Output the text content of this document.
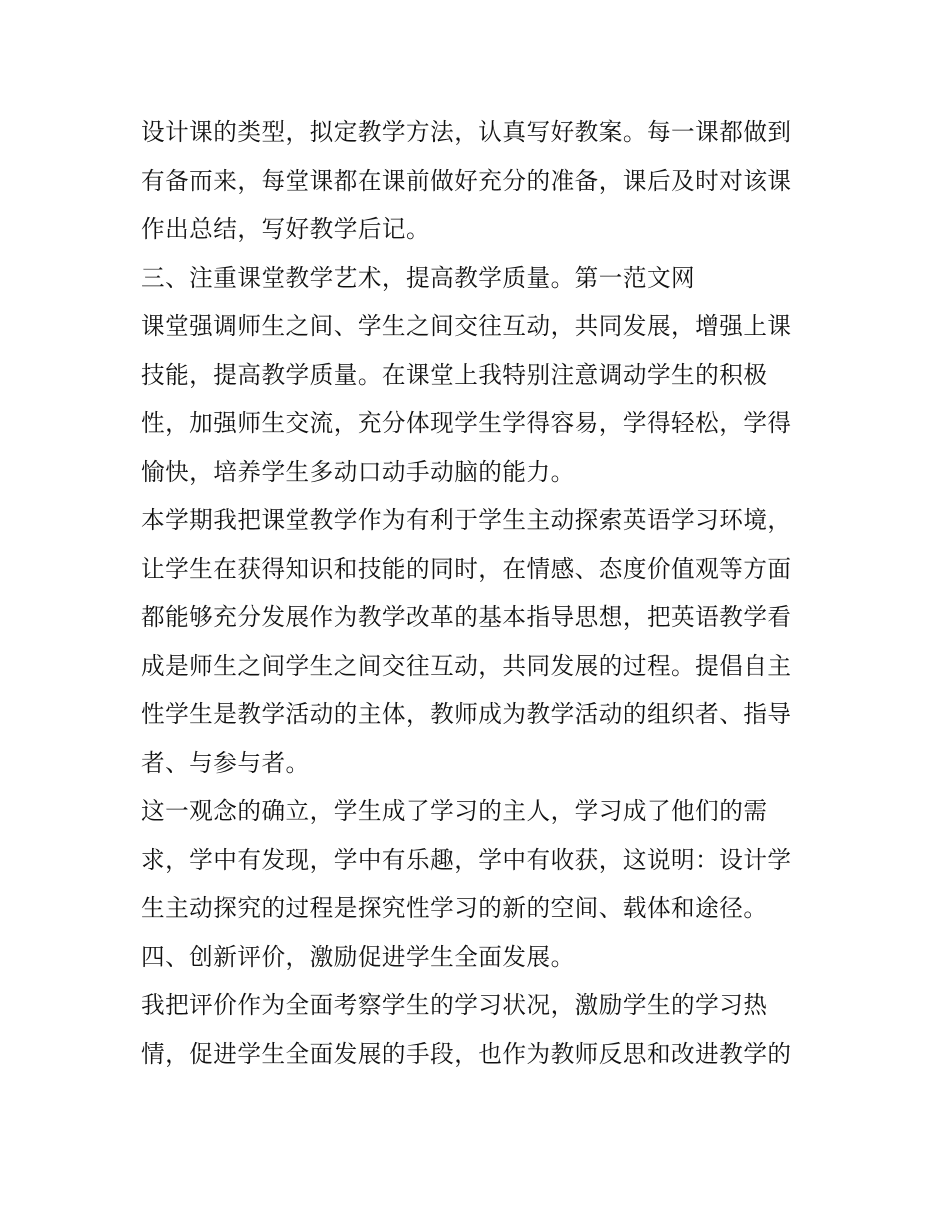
设计课的类型，拟定教学方法，认真写好教案。每一课都做到
有备而来，每堂课都在课前做好充分的准备，课后及时对该课
作出总结，写好教学后记。
三、注重课堂教学艺术，提高教学质量。第一范文网
课堂强调师生之间、学生之间交往互动，共同发展，增强上课
技能，提高教学质量。在课堂上我特别注意调动学生的积极
性，加强师生交流，充分体现学生学得容易，学得轻松，学得
愉快，培养学生多动口动手动脑的能力。
本学期我把课堂教学作为有利于学生主动探索英语学习环境，
让学生在获得知识和技能的同时，在情感、态度价值观等方面
都能够充分发展作为教学改革的基本指导思想，把英语教学看
成是师生之间学生之间交往互动，共同发展的过程。提倡自主
性学生是教学活动的主体，教师成为教学活动的组织者、指导
者、与参与者。
这一观念的确立，学生成了学习的主人，学习成了他们的需
求，学中有发现，学中有乐趣，学中有收获，这说明：设计学
生主动探究的过程是探究性学习的新的空间、载体和途径。
四、创新评价，激励促进学生全面发展。
我把评价作为全面考察学生的学习状况，激励学生的学习热
情，促进学生全面发展的手段，也作为教师反思和改进教学的
